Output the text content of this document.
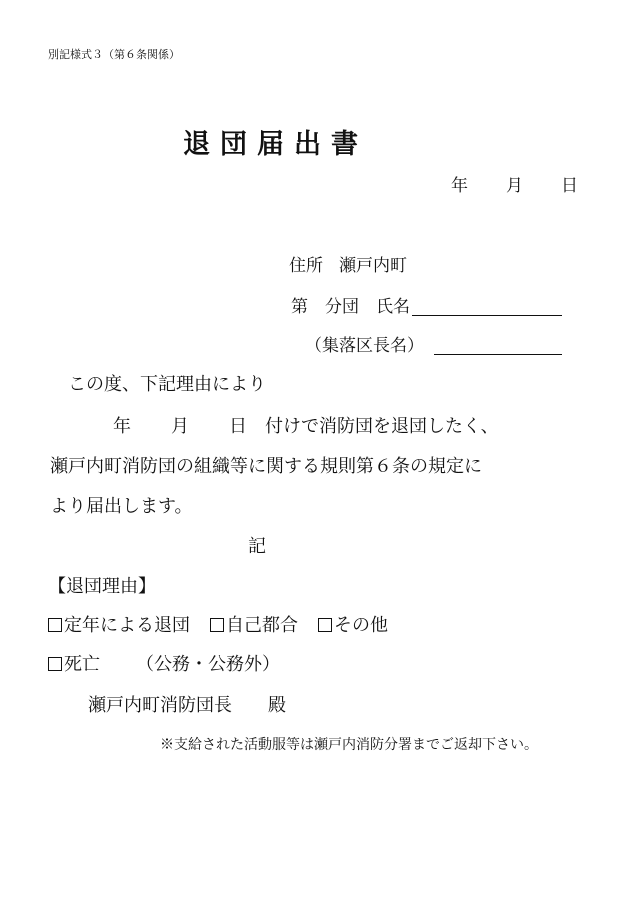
別記様式３（第６条関係）
退団届出書
年 月 日
住所 瀬戸内町
第　分団　 氏名
（集落区長名）
この度、下記理由により
年 月 日 付けで消防団を退団したく、
瀬戸内町消防団の組織等に関する規則第６条の規定に
より届出します。
記
【退団理由】
定年による退団 自己都合 その他
死亡 （公務・公務外）
瀬戸内町消防団長 殿
※支給された活動服等は瀬戸内消防分署までご返却下さい。
